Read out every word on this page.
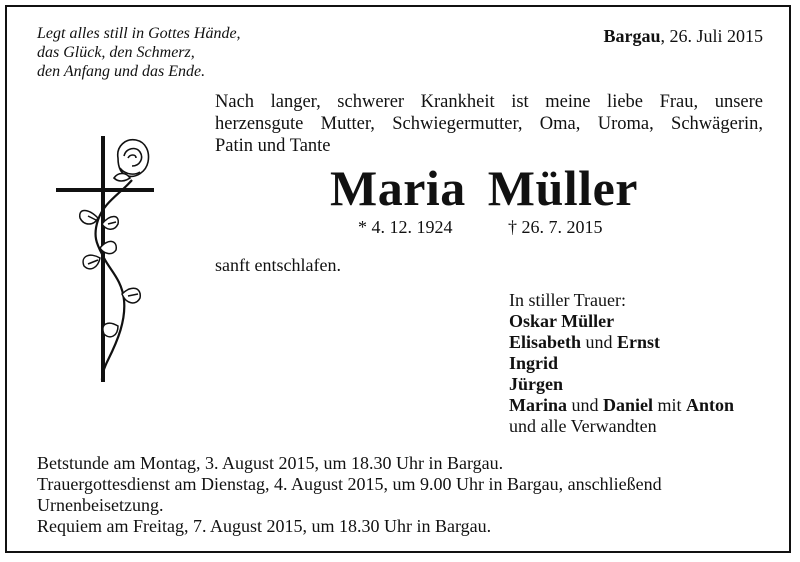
Legt alles still in Gottes Hände,
das Glück, den Schmerz,
den Anfang und das Ende.
Bargau, 26. Juli 2015
Nach langer, schwerer Krankheit ist meine liebe Frau, unsere
herzensgute Mutter, Schwiegermutter, Oma, Uroma, Schwägerin,
Patin und Tante
Maria Müller
* 4. 12. 1924	† 26. 7. 2015
sanft entschlafen.
In stiller Trauer:
Oskar Müller
Elisabeth und Ernst
Ingrid
Jürgen
Marina und Daniel mit Anton
und alle Verwandten
Betstunde am Montag, 3. August 2015, um 18.30 Uhr in Bargau.
Trauergottesdienst am Dienstag, 4. August 2015, um 9.00 Uhr in Bargau, anschließend
Urnenbeisetzung.
Requiem am Freitag, 7. August 2015, um 18.30 Uhr in Bargau.
